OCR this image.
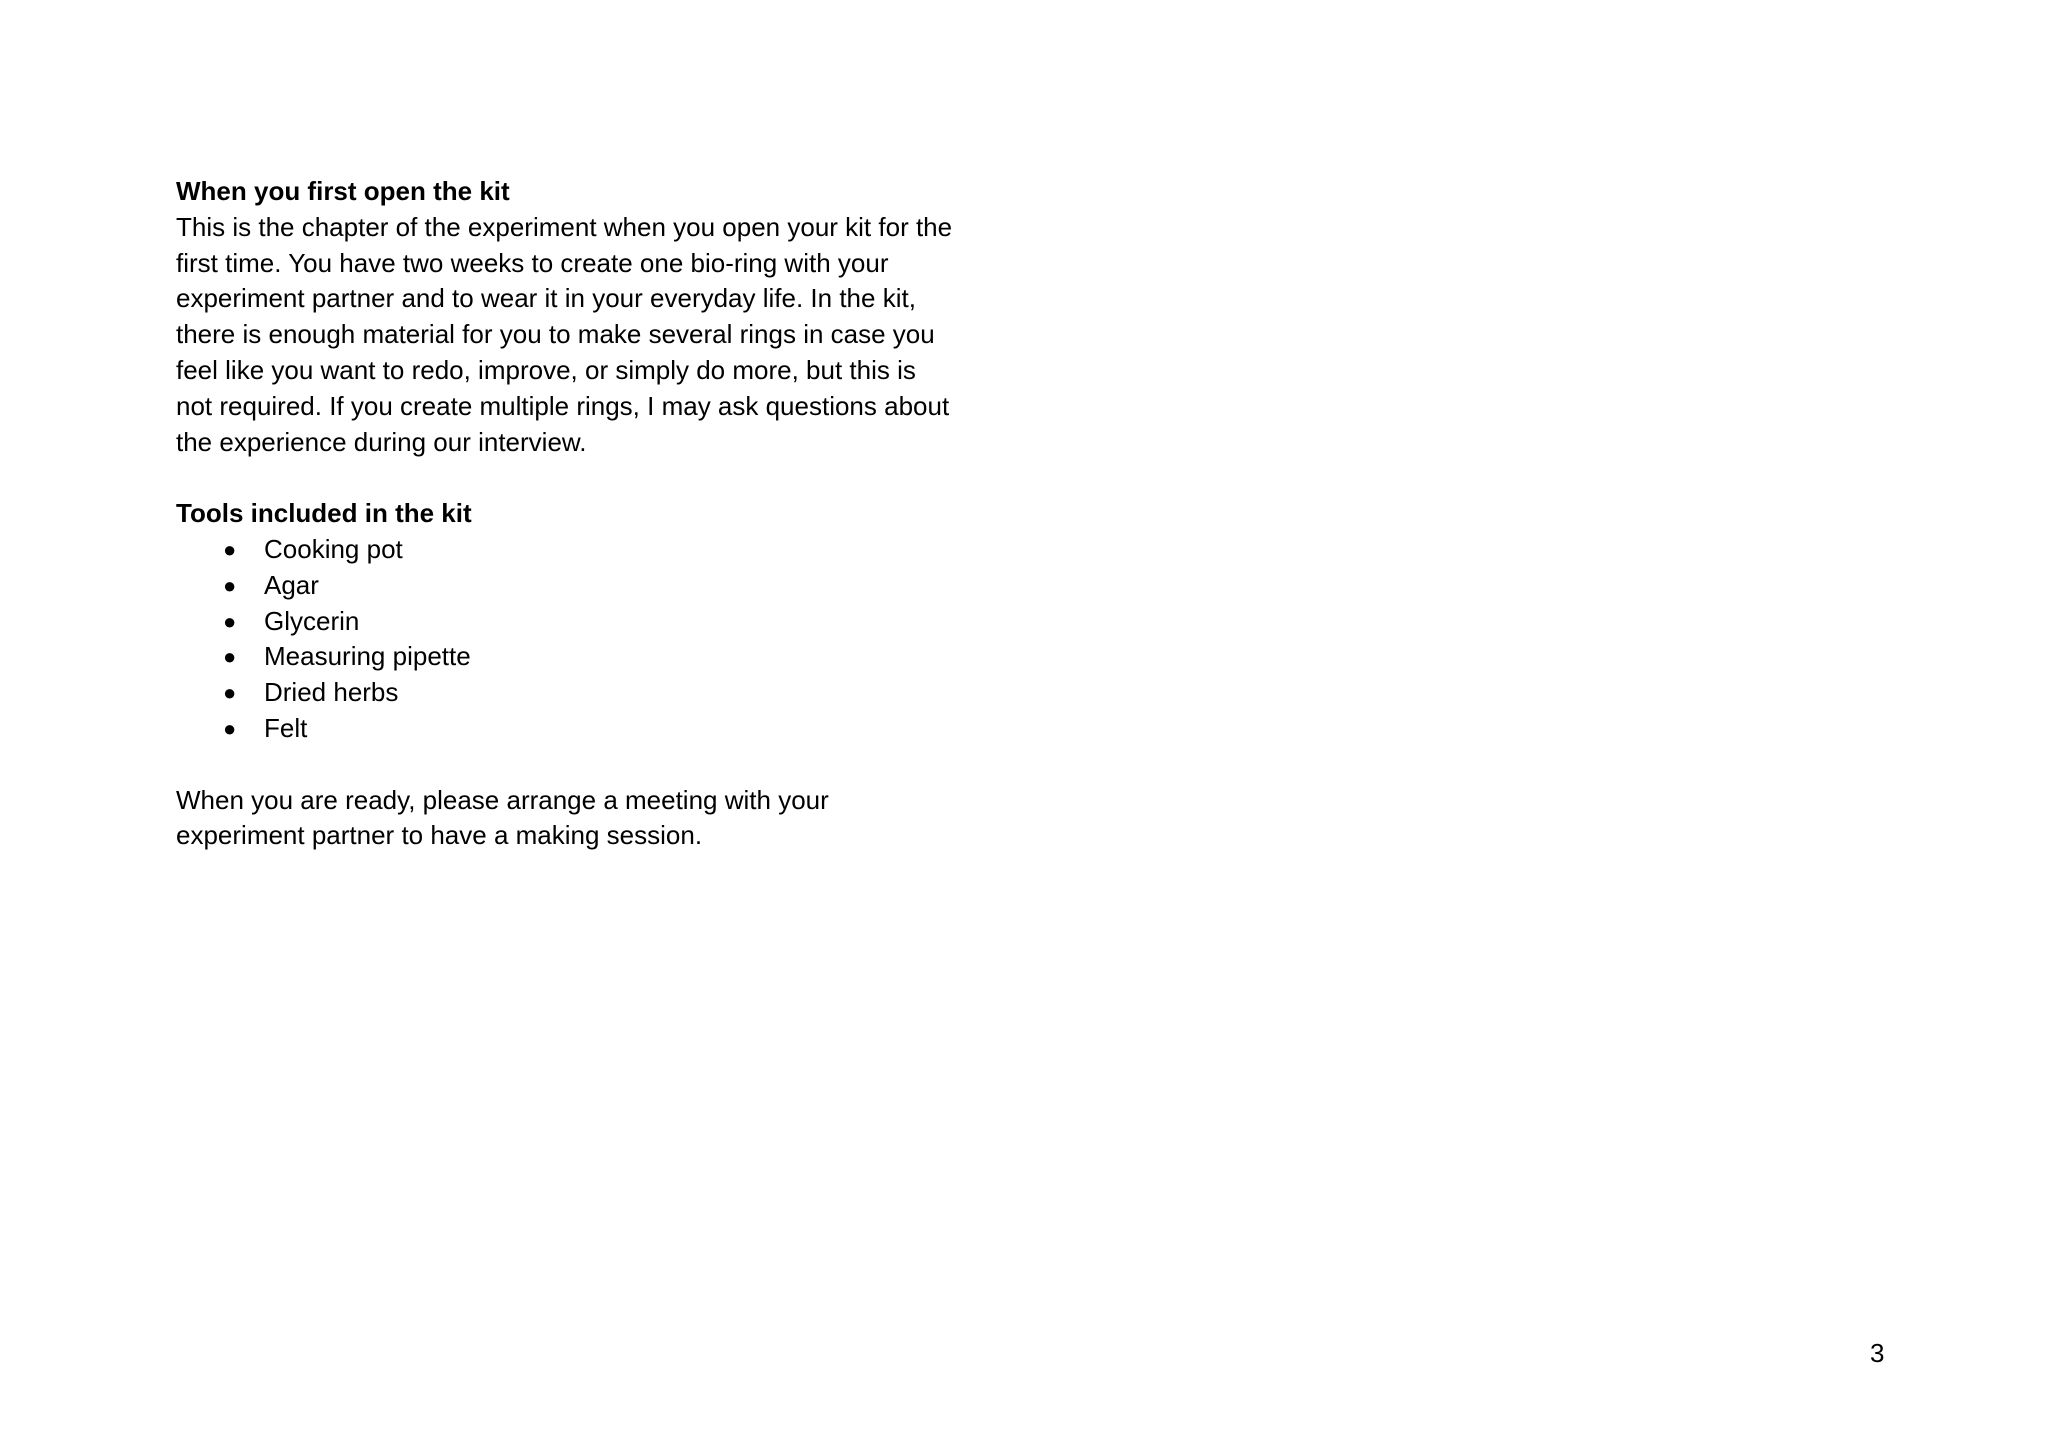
When you first open the kit

This is the chapter of the experiment when you open your kit for the
first time. You have two weeks to create one bio-ring with your
experiment partner and to wear it in your everyday life. In the kit,
there is enough material for you to make several rings in case you
feel like you want to redo, improve, or simply do more, but this is
not required. If you create multiple rings, I may ask questions about
the experience during our interview.

Tools included in the kit

● Cooking pot
● Agar
● Glycerin
● Measuring pipette
● Dried herbs
● Felt

When you are ready, please arrange a meeting with your
experiment partner to have a making session.

3
